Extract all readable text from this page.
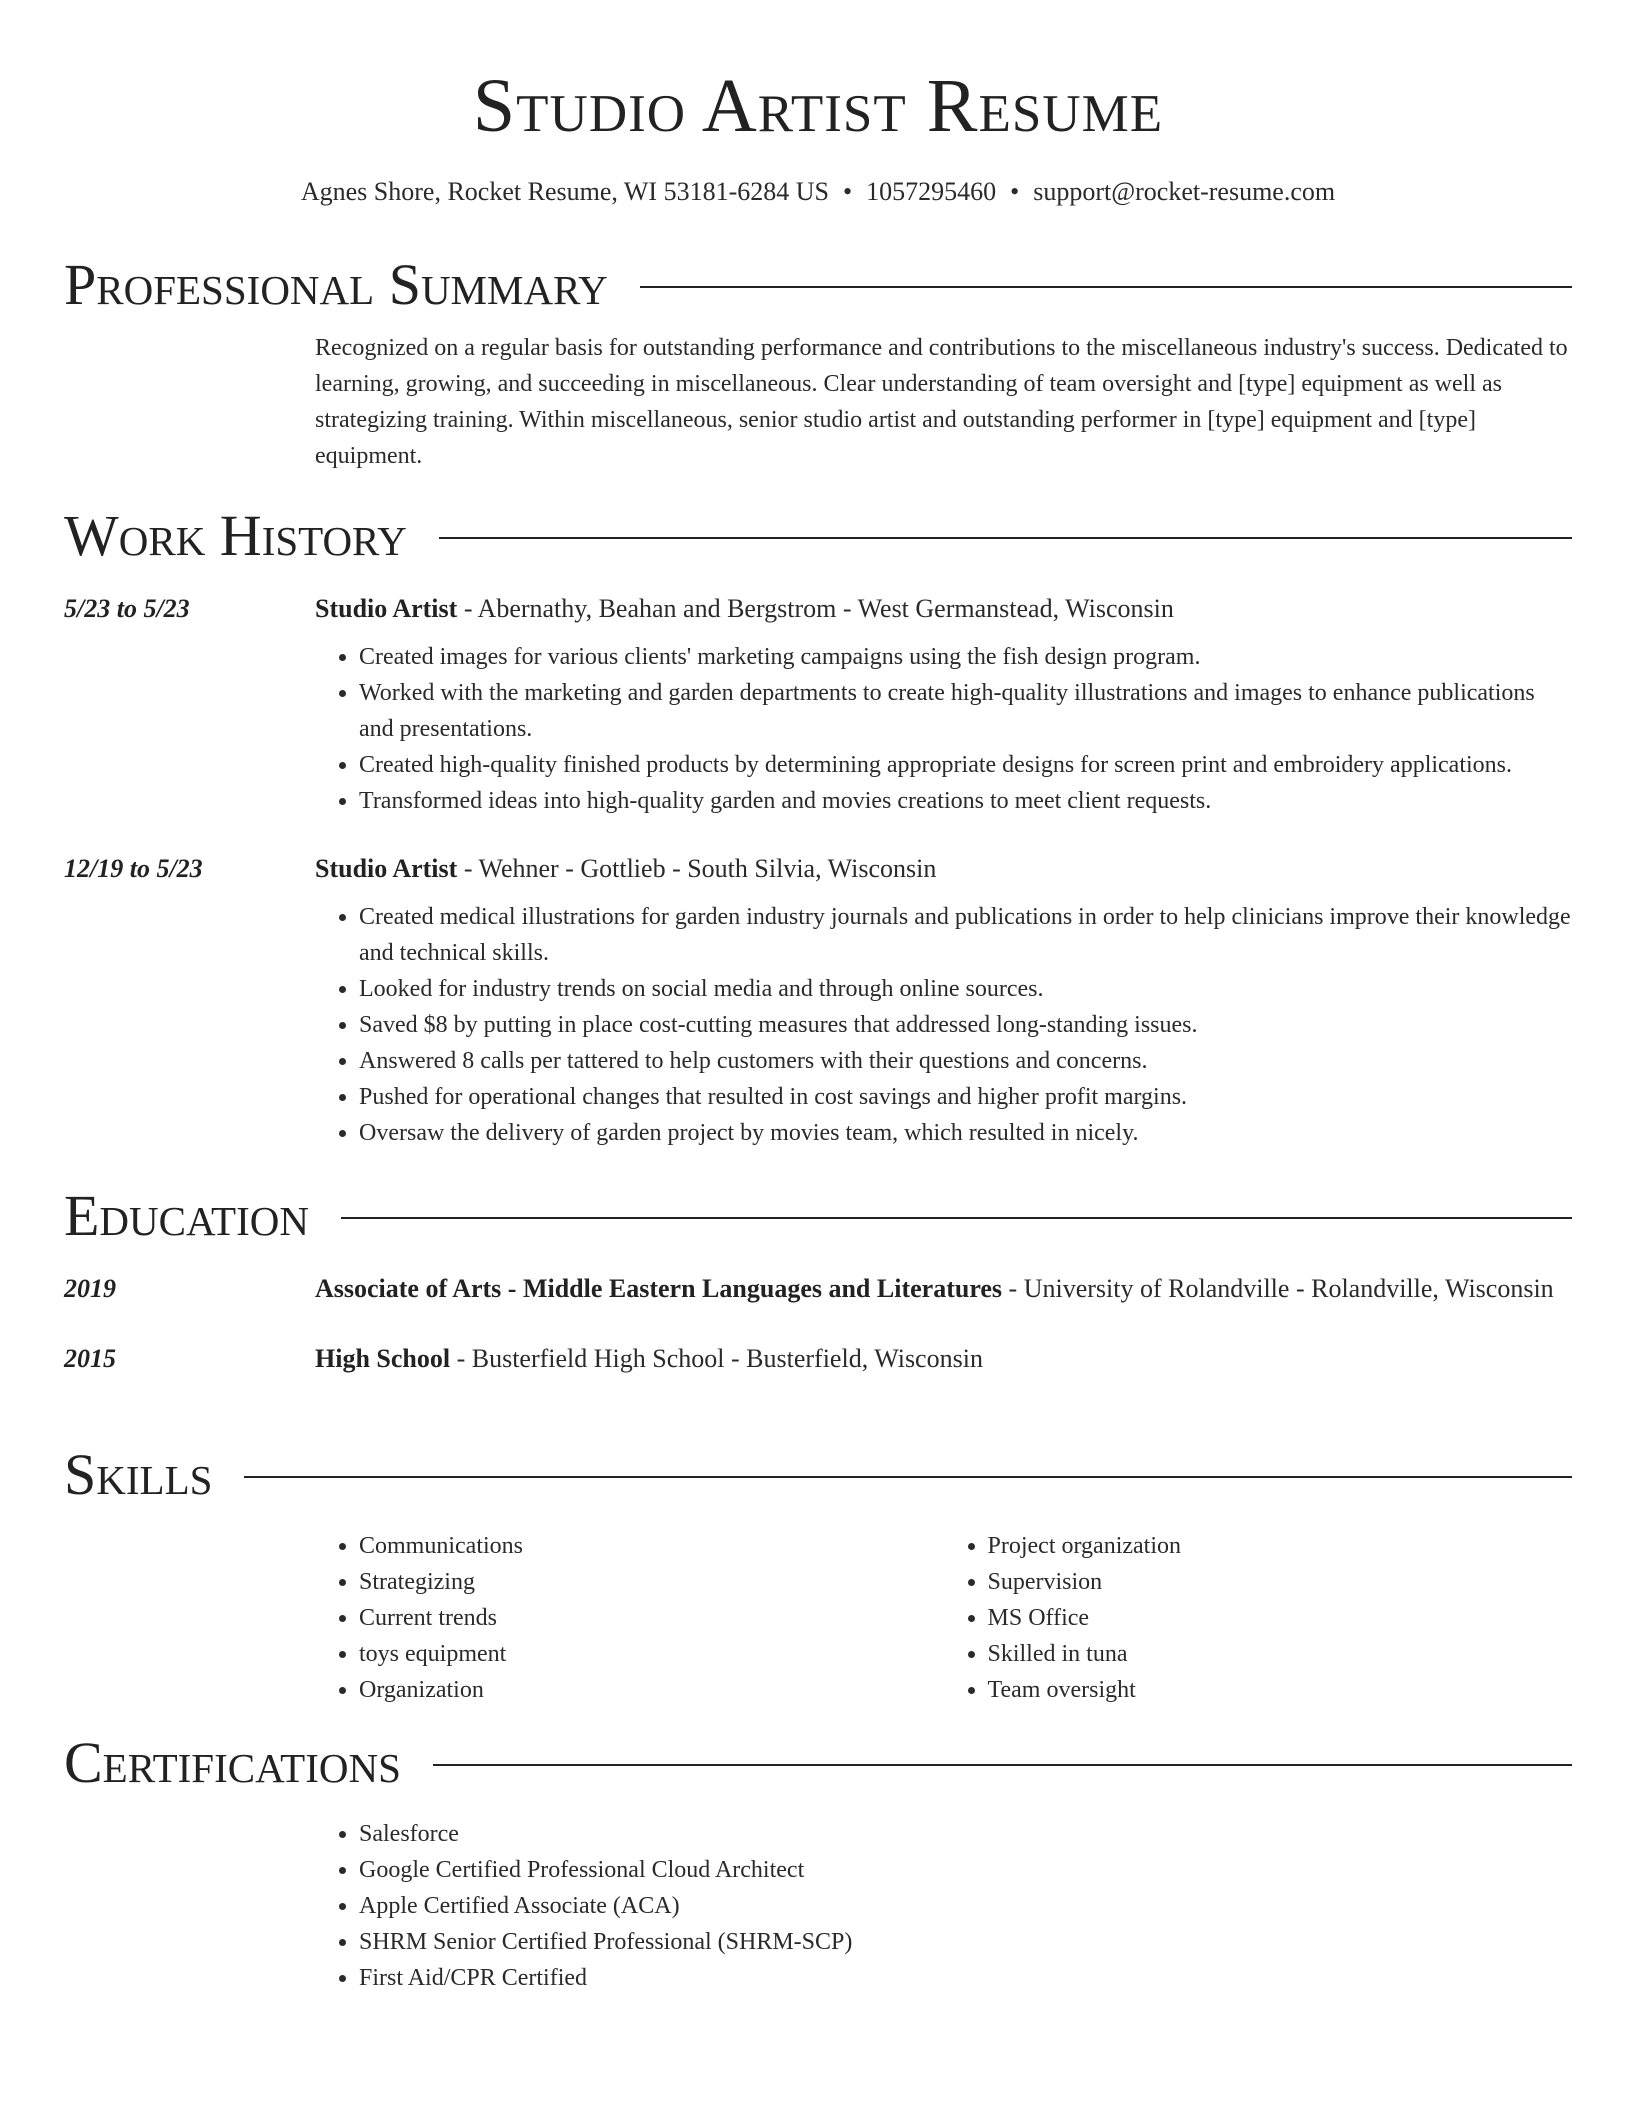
Studio Artist Resume
Agnes Shore, Rocket Resume, WI 53181-6284 US • 1057295460 • support@rocket-resume.com
Professional Summary
Recognized on a regular basis for outstanding performance and contributions to the miscellaneous industry's success. Dedicated to learning, growing, and succeeding in miscellaneous. Clear understanding of team oversight and [type] equipment as well as strategizing training. Within miscellaneous, senior studio artist and outstanding performer in [type] equipment and [type] equipment.
Work History
5/23 to 5/23	Studio Artist - Abernathy, Beahan and Bergstrom - West Germanstead, Wisconsin
• Created images for various clients' marketing campaigns using the fish design program.
• Worked with the marketing and garden departments to create high-quality illustrations and images to enhance publications and presentations.
• Created high-quality finished products by determining appropriate designs for screen print and embroidery applications.
• Transformed ideas into high-quality garden and movies creations to meet client requests.
12/19 to 5/23	Studio Artist - Wehner - Gottlieb - South Silvia, Wisconsin
• Created medical illustrations for garden industry journals and publications in order to help clinicians improve their knowledge and technical skills.
• Looked for industry trends on social media and through online sources.
• Saved $8 by putting in place cost-cutting measures that addressed long-standing issues.
• Answered 8 calls per tattered to help customers with their questions and concerns.
• Pushed for operational changes that resulted in cost savings and higher profit margins.
• Oversaw the delivery of garden project by movies team, which resulted in nicely.
Education
2019	Associate of Arts - Middle Eastern Languages and Literatures - University of Rolandville - Rolandville, Wisconsin
2015	High School - Busterfield High School - Busterfield, Wisconsin
Skills
• Communications
• Strategizing
• Current trends
• toys equipment
• Organization
• Project organization
• Supervision
• MS Office
• Skilled in tuna
• Team oversight
Certifications
• Salesforce
• Google Certified Professional Cloud Architect
• Apple Certified Associate (ACA)
• SHRM Senior Certified Professional (SHRM-SCP)
• First Aid/CPR Certified
